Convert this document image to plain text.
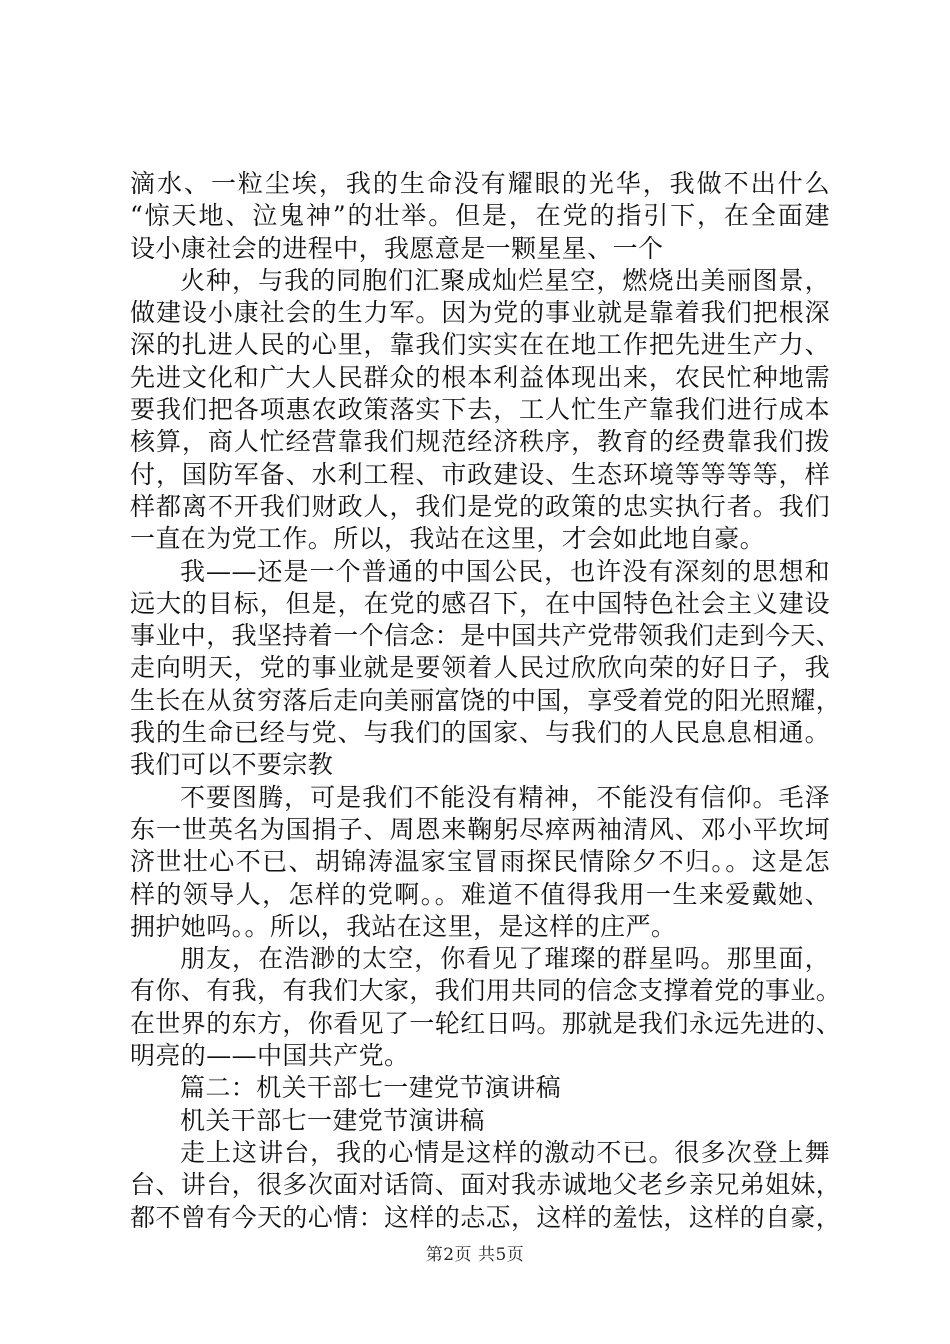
滴水、一粒尘埃，我的生命没有耀眼的光华，我做不出什么
“惊天地、泣鬼神”的壮举。但是，在党的指引下，在全面建
设小康社会的进程中，我愿意是一颗星星、一个
火种，与我的同胞们汇聚成灿烂星空，燃烧出美丽图景，
做建设小康社会的生力军。因为党的事业就是靠着我们把根深
深的扎进人民的心里，靠我们实实在在地工作把先进生产力、
先进文化和广大人民群众的根本利益体现出来，农民忙种地需
要我们把各项惠农政策落实下去，工人忙生产靠我们进行成本
核算，商人忙经营靠我们规范经济秩序，教育的经费靠我们拨
付，国防军备、水利工程、市政建设、生态环境等等等等，样
样都离不开我们财政人，我们是党的政策的忠实执行者。我们
一直在为党工作。所以，我站在这里，才会如此地自豪。
我——还是一个普通的中国公民，也许没有深刻的思想和
远大的目标，但是，在党的感召下，在中国特色社会主义建设
事业中，我坚持着一个信念：是中国共产党带领我们走到今天、
走向明天，党的事业就是要领着人民过欣欣向荣的好日子，我
生长在从贫穷落后走向美丽富饶的中国，享受着党的阳光照耀，
我的生命已经与党、与我们的国家、与我们的人民息息相通。
我们可以不要宗教
不要图腾，可是我们不能没有精神，不能没有信仰。毛泽
东一世英名为国捐子、周恩来鞠躬尽瘁两袖清风、邓小平坎坷
济世壮心不已、胡锦涛温家宝冒雨探民情除夕不归。。这是怎
样的领导人，怎样的党啊。。难道不值得我用一生来爱戴她、
拥护她吗。。所以，我站在这里，是这样的庄严。
朋友，在浩渺的太空，你看见了璀璨的群星吗。那里面，
有你、有我，有我们大家，我们用共同的信念支撑着党的事业。
在世界的东方，你看见了一轮红日吗。那就是我们永远先进的、
明亮的——中国共产党。
篇二：机关干部七一建党节演讲稿
机关干部七一建党节演讲稿
走上这讲台，我的心情是这样的激动不已。很多次登上舞
台、讲台，很多次面对话筒、面对我赤诚地父老乡亲兄弟姐妹，
都不曾有今天的心情：这样的忐忑，这样的羞怯，这样的自豪，
第2页 共5页
